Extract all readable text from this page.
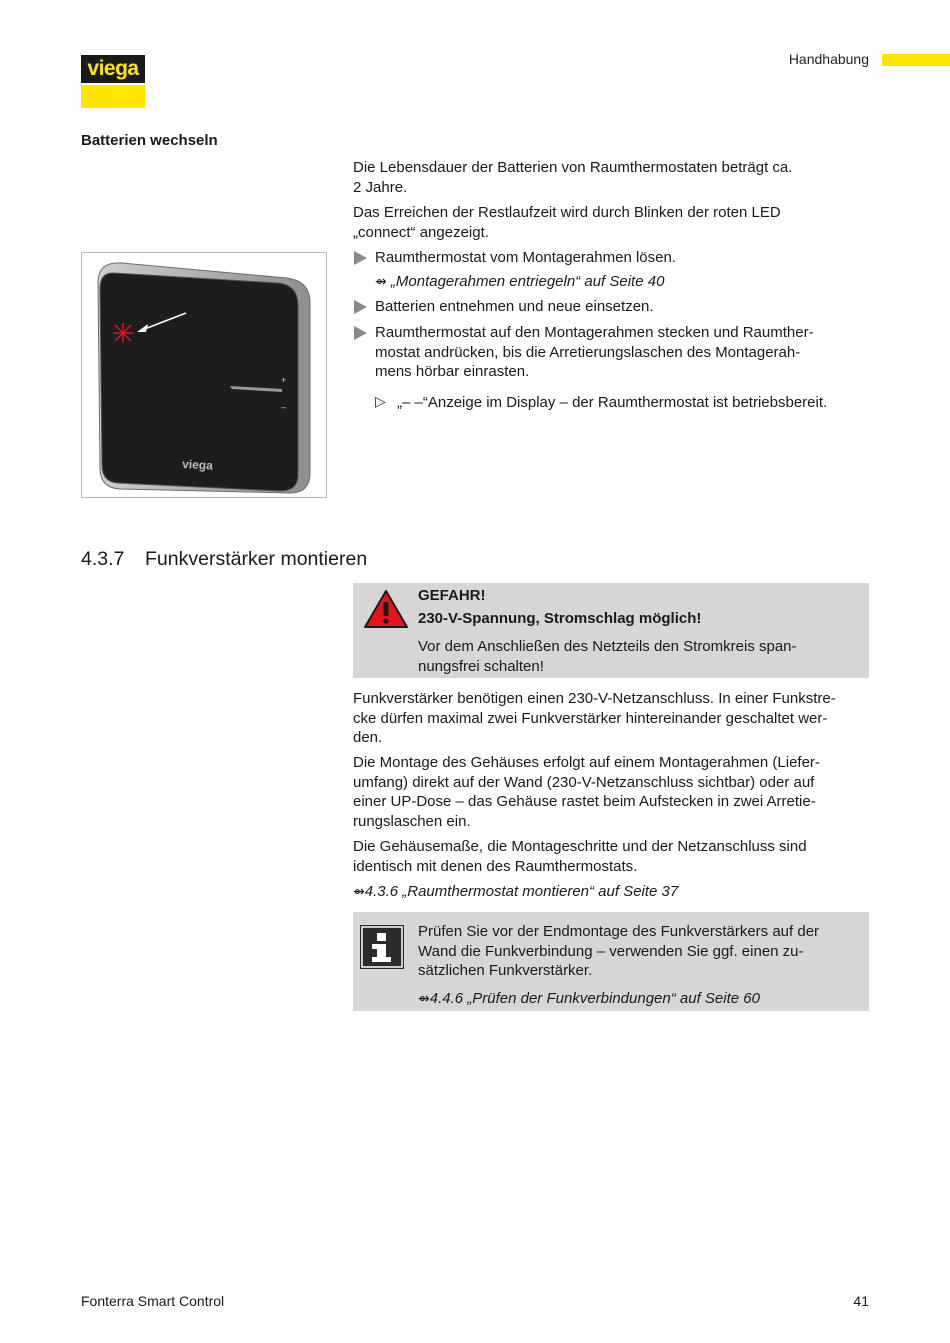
viega	Handhabung
Batterien wechseln
Die Lebensdauer der Batterien von Raumthermostaten beträgt ca.
2 Jahre.
Das Erreichen der Restlaufzeit wird durch Blinken der roten LED
„connect“ angezeigt.
Raumthermostat vom Montagerahmen lösen.
⇴ „Montagerahmen entriegeln“ auf Seite 40
Batterien entnehmen und neue einsetzen.
Raumthermostat auf den Montagerahmen stecken und Raumther-
mostat andrücken, bis die Arretierungslaschen des Montagerah-
mens hörbar einrasten.
▷ „– –“Anzeige im Display – der Raumthermostat ist betriebsbereit.
+
–
viega
4.3.7 Funkverstärker montieren
GEFAHR!
230-V-Spannung, Stromschlag möglich!
Vor dem Anschließen des Netzteils den Stromkreis span-
nungsfrei schalten!
Funkverstärker benötigen einen 230-V-Netzanschluss. In einer Funkstre-
cke dürfen maximal zwei Funkverstärker hintereinander geschaltet wer-
den.
Die Montage des Gehäuses erfolgt auf einem Montagerahmen (Liefer-
umfang) direkt auf der Wand (230-V-Netzanschluss sichtbar) oder auf
einer UP-Dose – das Gehäuse rastet beim Aufstecken in zwei Arretie-
rungslaschen ein.
Die Gehäusemaße, die Montageschritte und der Netzanschluss sind
identisch mit denen des Raumthermostats.
⇴4.3.6 „Raumthermostat montieren“ auf Seite 37
Prüfen Sie vor der Endmontage des Funkverstärkers auf der
Wand die Funkverbindung – verwenden Sie ggf. einen zu-
sätzlichen Funkverstärker.
⇴4.4.6 „Prüfen der Funkverbindungen“ auf Seite 60
Fonterra Smart Control	41
